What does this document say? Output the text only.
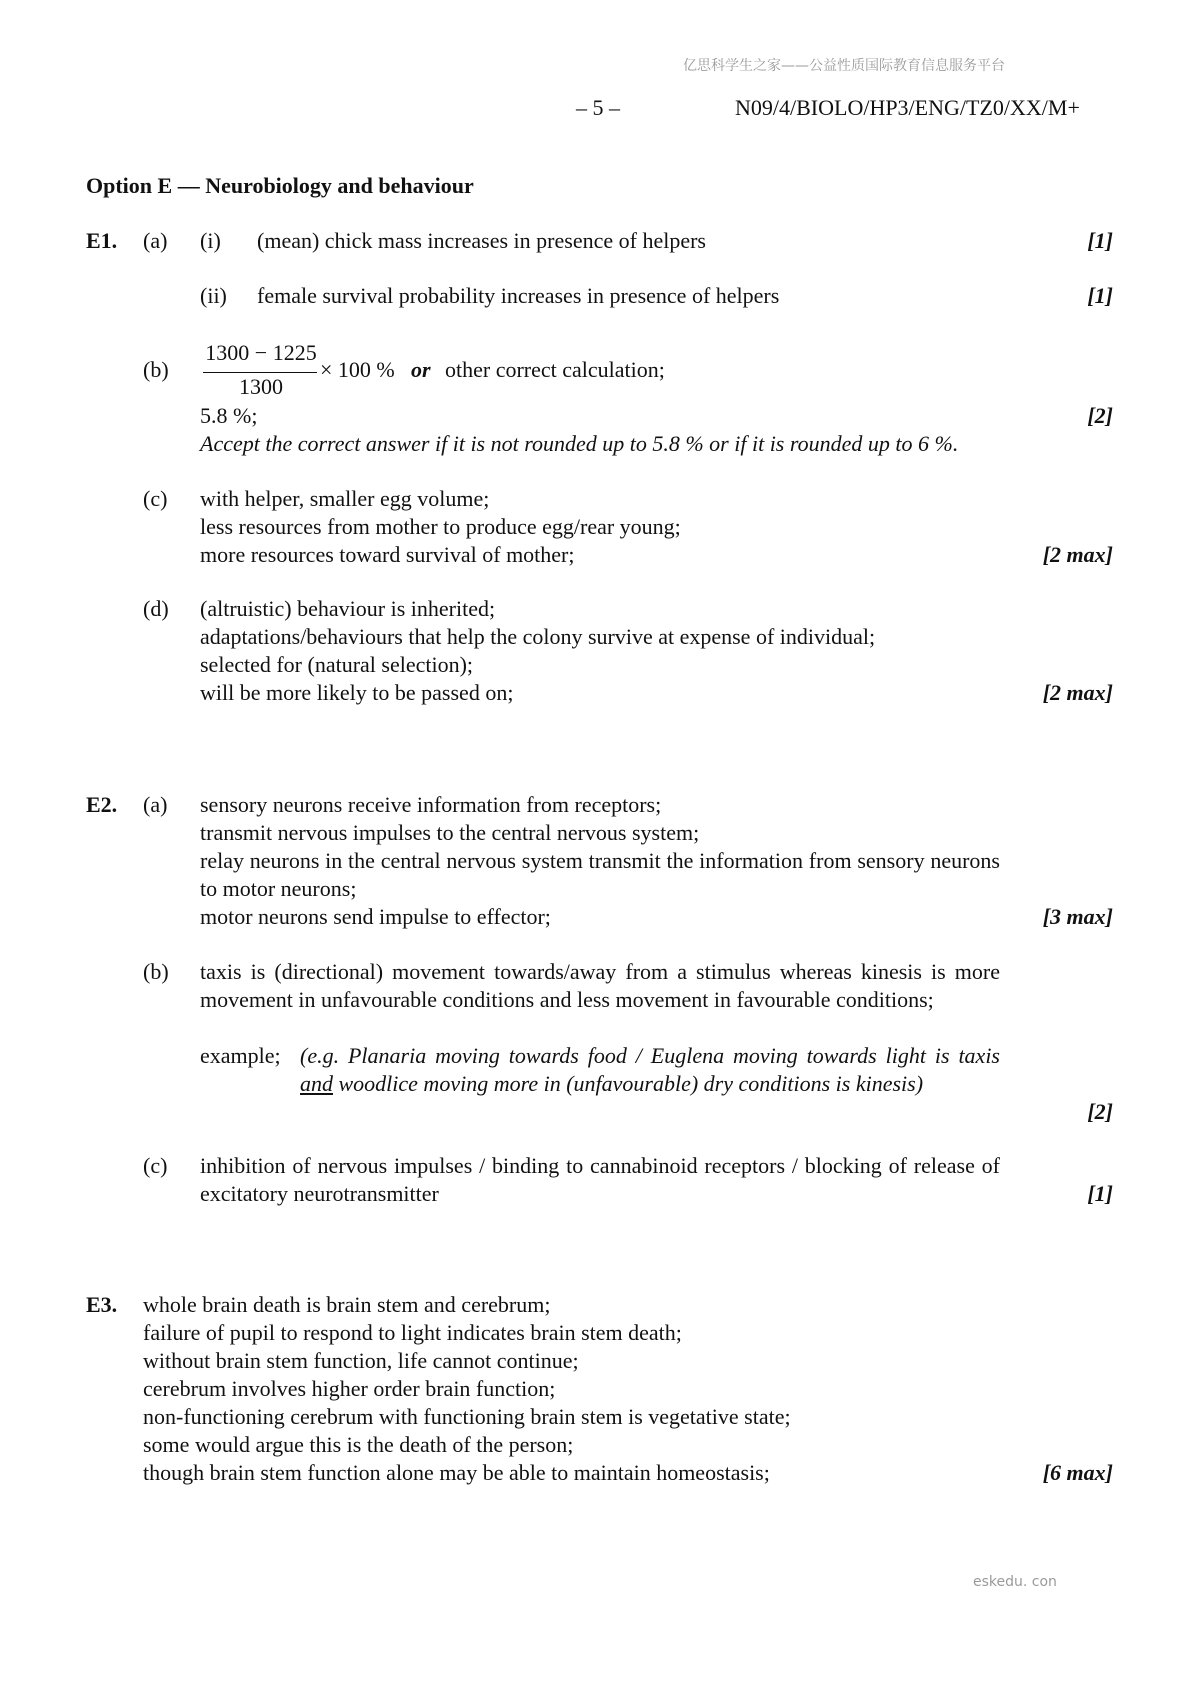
亿思科学生之家——公益性质国际教育信息服务平台
eskedu. con
– 5 –	N09/4/BIOLO/HP3/ENG/TZ0/XX/M+
Option E — Neurobiology and behaviour
E1. (a) (i) (mean) chick mass increases in presence of helpers	[1]
(ii) female survival probability increases in presence of helpers	[1]
(b)
1300 − 1225
1300
× 100 % or other correct calculation;
5.8 %;	[2]
Accept the correct answer if it is not rounded up to 5.8 % or if it is rounded up to 6 %.
(c) with helper, smaller egg volume;
less resources from mother to produce egg/rear young;
more resources toward survival of mother;	[2 max]
(d) (altruistic) behaviour is inherited;
adaptations/behaviours that help the colony survive at expense of individual;
selected for (natural selection);
will be more likely to be passed on;	[2 max]
E2. (a) sensory neurons receive information from receptors;
transmit nervous impulses to the central nervous system;
relay neurons in the central nervous system transmit the information from sensory neurons to motor neurons;
motor neurons send impulse to effector;	[3 max]
(b) taxis is (directional) movement towards/away from a stimulus whereas kinesis is more movement in unfavourable conditions and less movement in favourable conditions;
example; (e.g. Planaria moving towards food / Euglena moving towards light is taxis and woodlice moving more in (unfavourable) dry conditions is kinesis)
[2]
(c) inhibition of nervous impulses / binding to cannabinoid receptors / blocking of release of excitatory neurotransmitter	[1]
E3. whole brain death is brain stem and cerebrum;
failure of pupil to respond to light indicates brain stem death;
without brain stem function, life cannot continue;
cerebrum involves higher order brain function;
non-functioning cerebrum with functioning brain stem is vegetative state;
some would argue this is the death of the person;
though brain stem function alone may be able to maintain homeostasis;	[6 max]
